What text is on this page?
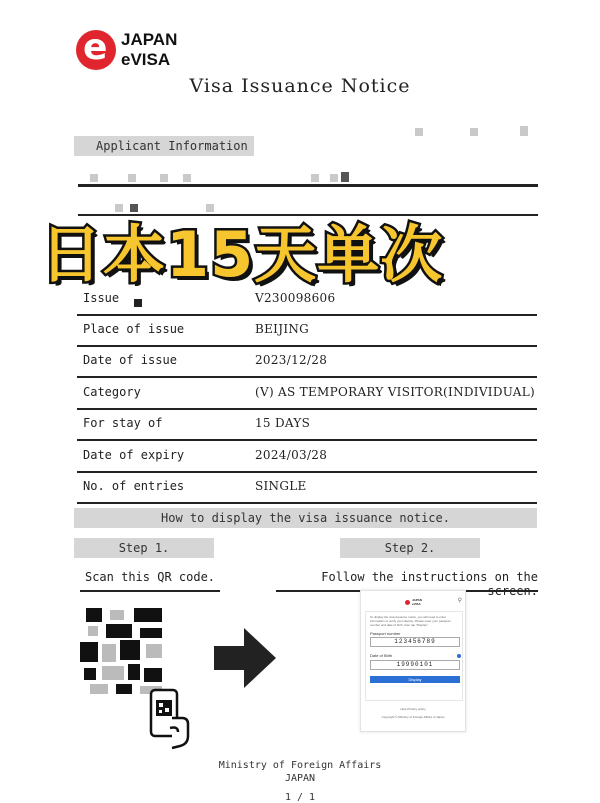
e JAPAN
eVISA
Visa Issuance Notice
Applicant Information
日本15天单次
Issue	V230098606
Place of issue	BEIJING
Date of issue	2023/12/28
Category	(V) AS TEMPORARY VISITOR(INDIVIDUAL)
For stay of	15 DAYS
Date of expiry	2024/03/28
No. of entries	SINGLE
How to display the visa issuance notice.
Step 1.	Step 2.
Scan this QR code.	Follow the instructions on the screen.
JAPAN
eVISA	⚲
To display the visa issuance notice, you will need to enter information to verify your identity. Please enter your passport number and date of birth, then tap "Display".
Passport number
123456789
Date of Birth
19990101
Display
Help Privacy policy
Copyright © Ministry of Foreign Affairs of Japan
Ministry of Foreign Affairs
JAPAN
1 / 1
